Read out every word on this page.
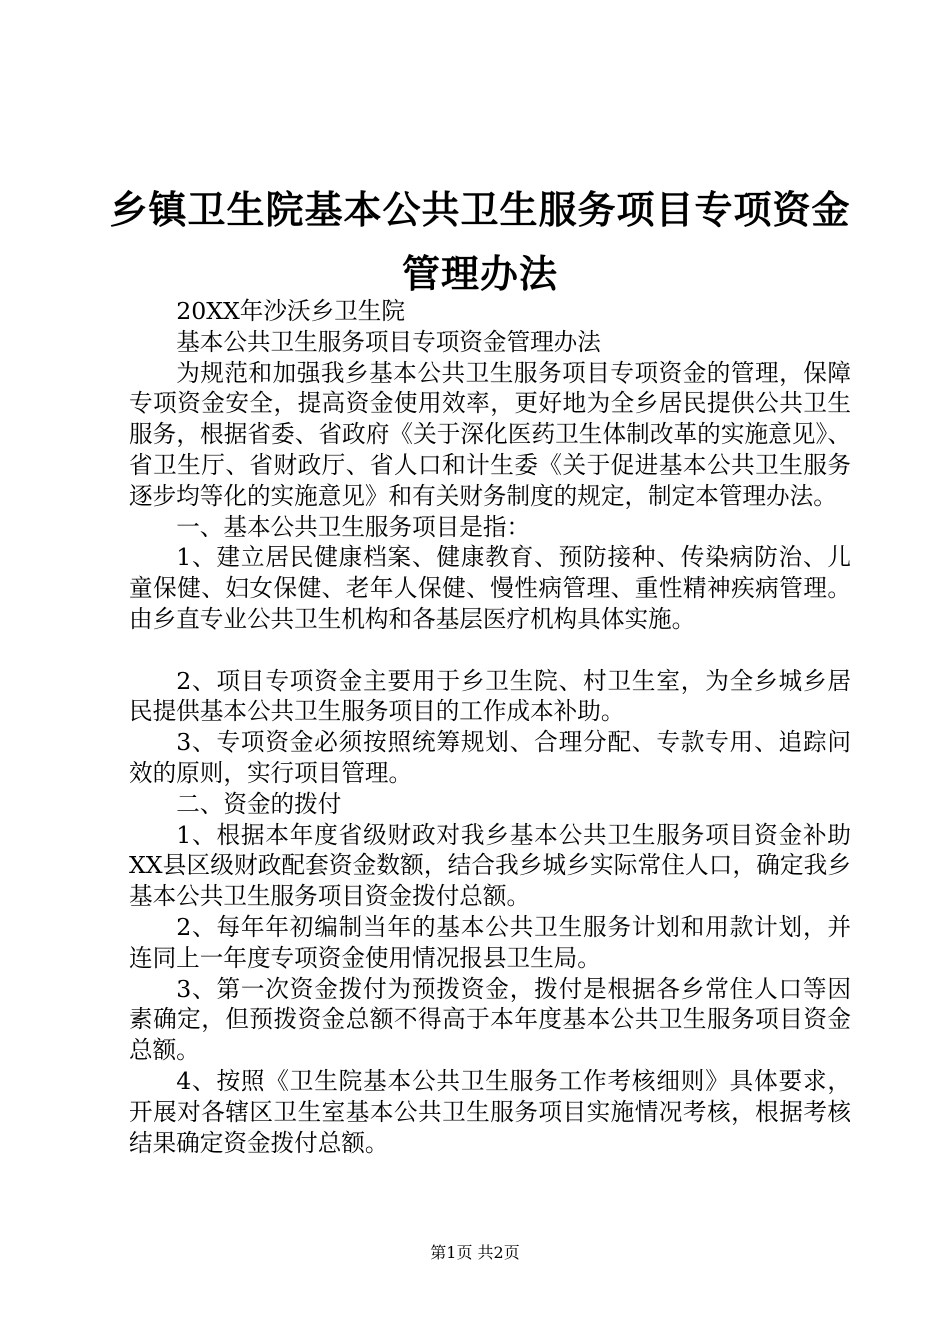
乡镇卫生院基本公共卫生服务项目专项资金管理办法

20XX年沙沃乡卫生院

基本公共卫生服务项目专项资金管理办法

为规范和加强我乡基本公共卫生服务项目专项资金的管理，保障专项资金安全，提高资金使用效率，更好地为全乡居民提供公共卫生服务，根据省委、省政府《关于深化医药卫生体制改革的实施意见》、省卫生厅、省财政厅、省人口和计生委《关于促进基本公共卫生服务逐步均等化的实施意见》和有关财务制度的规定，制定本管理办法。

一、基本公共卫生服务项目是指：

1、建立居民健康档案、健康教育、预防接种、传染病防治、儿童保健、妇女保健、老年人保健、慢性病管理、重性精神疾病管理。由乡直专业公共卫生机构和各基层医疗机构具体实施。

2、项目专项资金主要用于乡卫生院、村卫生室，为全乡城乡居民提供基本公共卫生服务项目的工作成本补助。

3、专项资金必须按照统筹规划、合理分配、专款专用、追踪问效的原则，实行项目管理。

二、资金的拨付

1、根据本年度省级财政对我乡基本公共卫生服务项目资金补助XX县区级财政配套资金数额，结合我乡城乡实际常住人口，确定我乡基本公共卫生服务项目资金拨付总额。

2、每年年初编制当年的基本公共卫生服务计划和用款计划，并连同上一年度专项资金使用情况报县卫生局。

3、第一次资金拨付为预拨资金，拨付是根据各乡常住人口等因素确定，但预拨资金总额不得高于本年度基本公共卫生服务项目资金总额。

4、按照《卫生院基本公共卫生服务工作考核细则》具体要求，开展对各辖区卫生室基本公共卫生服务项目实施情况考核，根据考核结果确定资金拨付总额。

第1页 共2页
